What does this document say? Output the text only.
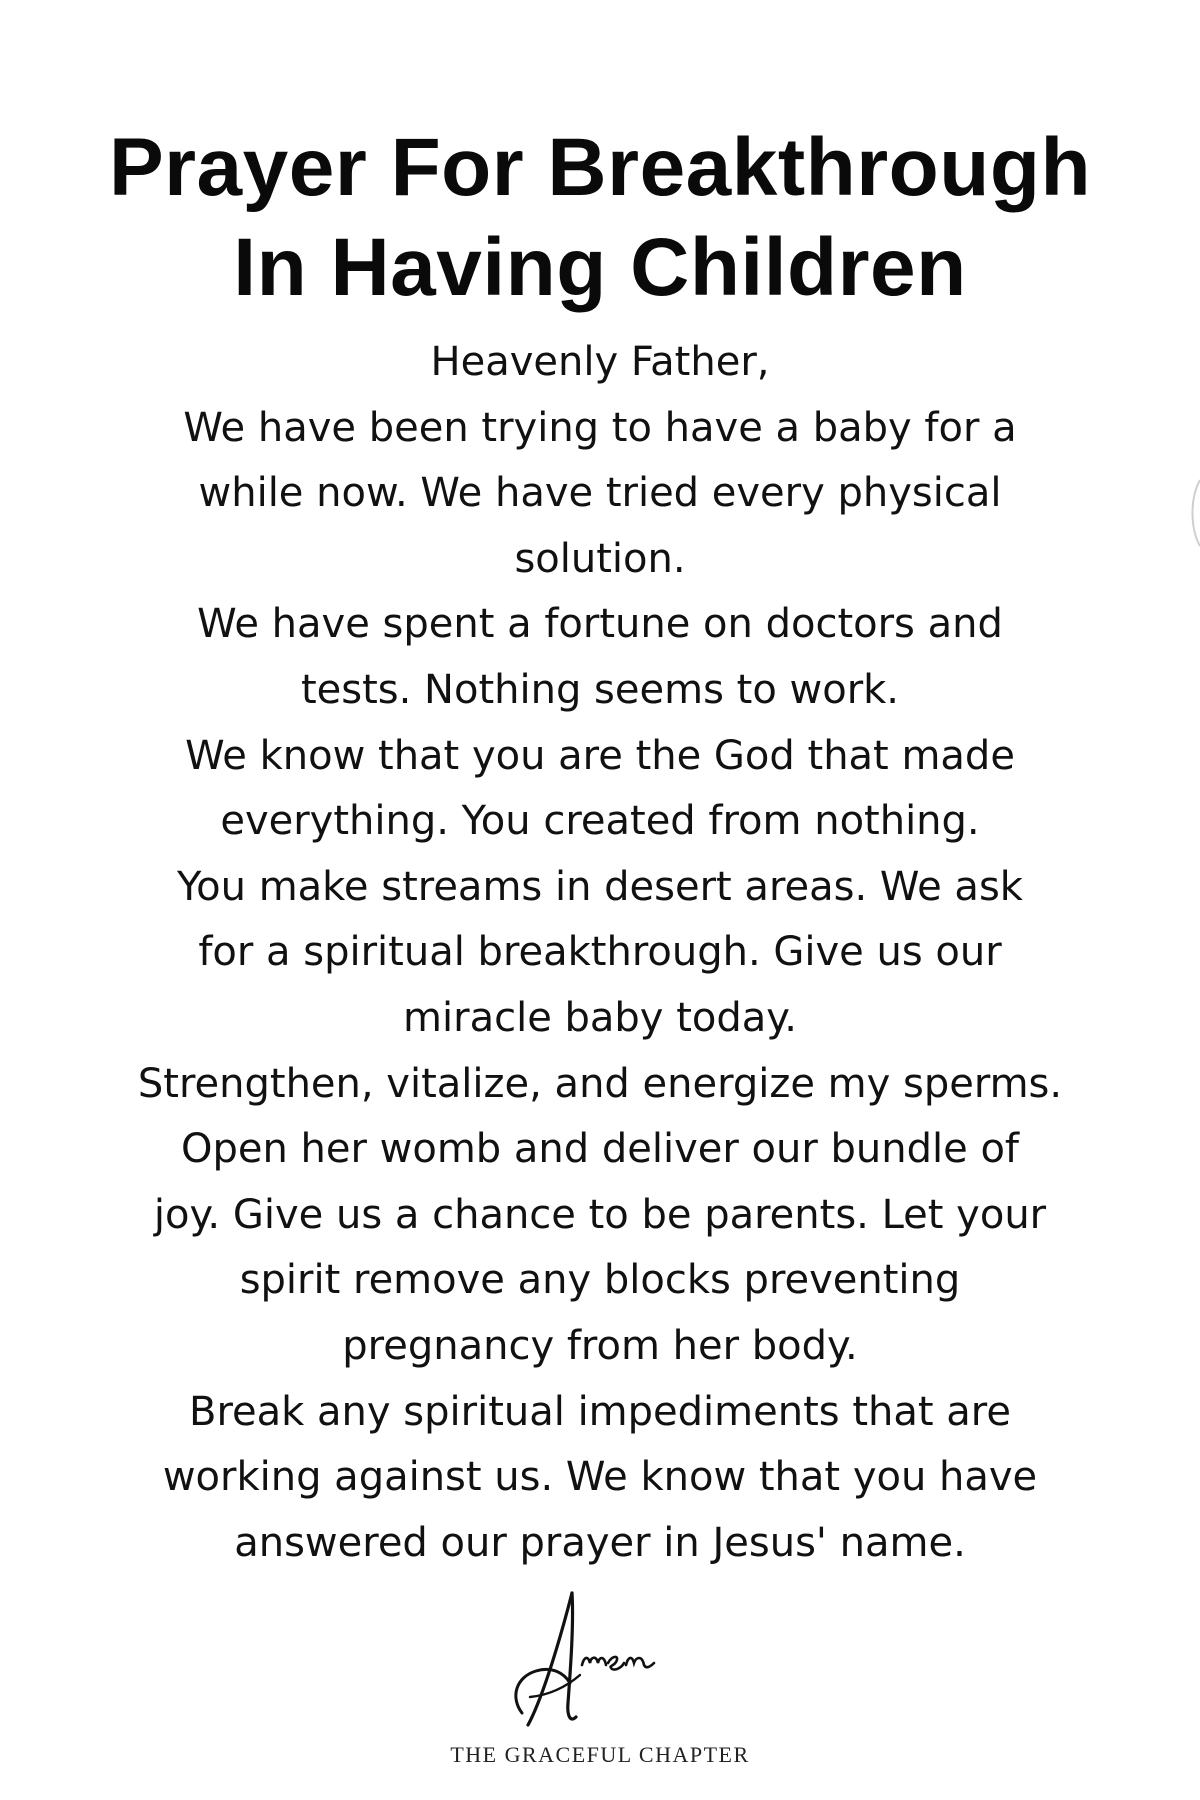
Prayer For Breakthrough
In Having Children
Heavenly Father,
We have been trying to have a baby for a
while now. We have tried every physical
solution.
We have spent a fortune on doctors and
tests. Nothing seems to work.
We know that you are the God that made
everything. You created from nothing.
You make streams in desert areas. We ask
for a spiritual breakthrough. Give us our
miracle baby today.
Strengthen, vitalize, and energize my sperms.
Open her womb and deliver our bundle of
joy. Give us a chance to be parents. Let your
spirit remove any blocks preventing
pregnancy from her body.
Break any spiritual impediments that are
working against us. We know that you have
answered our prayer in Jesus' name.
THE GRACEFUL CHAPTER
